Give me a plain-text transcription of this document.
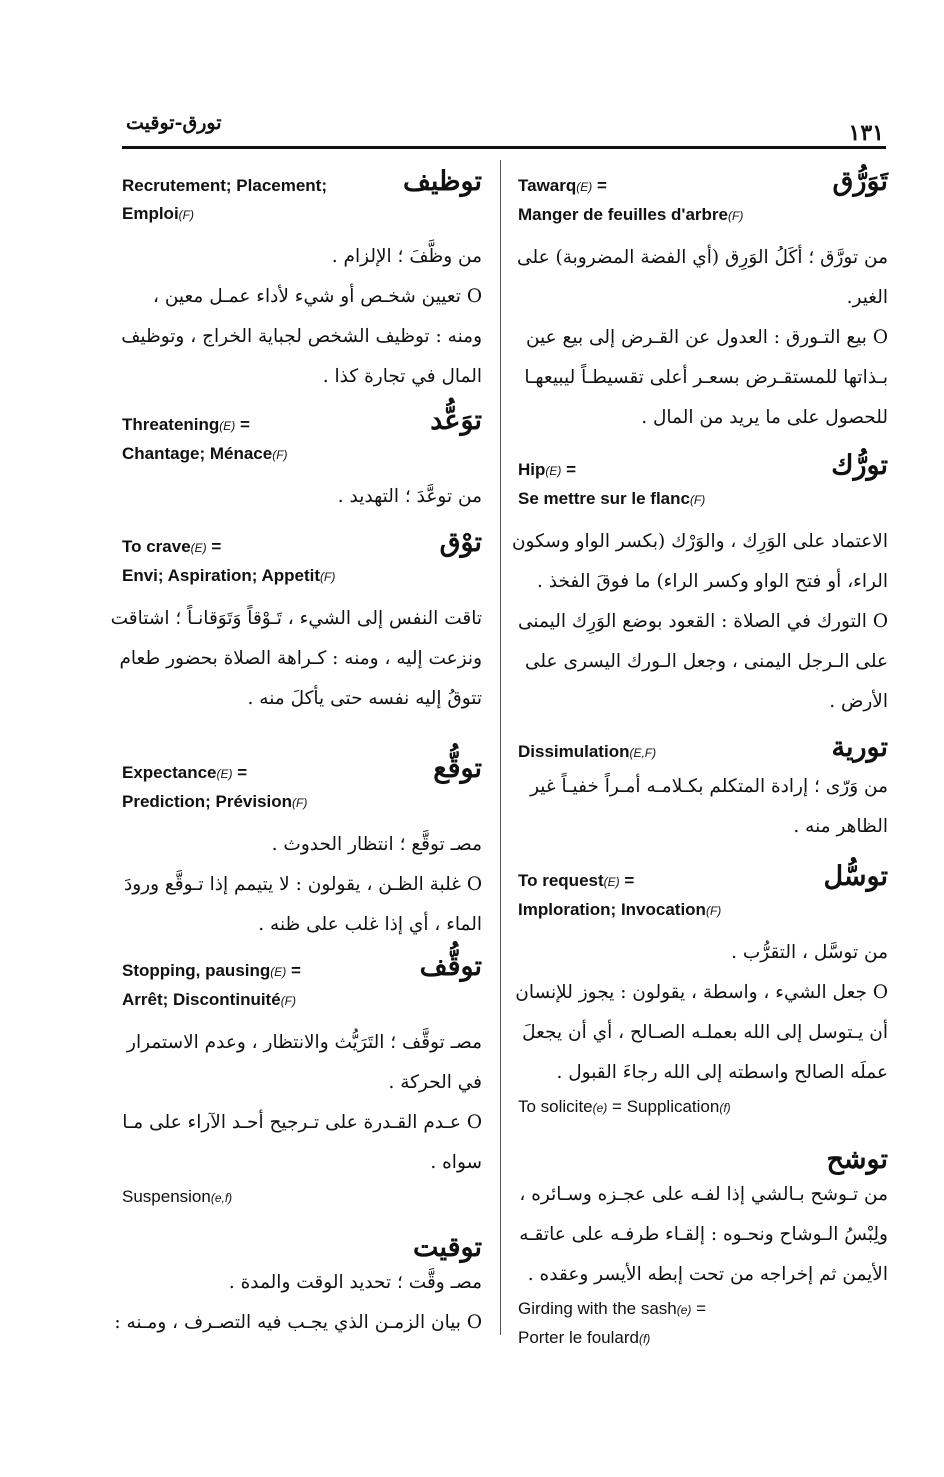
تورق-توقيت	١٣١
تَوَرُّق
Tawarq(E) =
Manger de feuilles d'arbre(F)

من تورَّق ؛ أكَلُ الوَرِق (أي الفضة المضروبة) على

الغير.

O بيع التـورق : العدول عن القـرض إلى بيع عين

بـذاتها للمستقـرض بسعـر أعلى تقسيطـاً ليبيعهـا

للحصول على ما يريد من المال .

تورُّك
Hip(E) =
Se mettre sur le flanc(F)

الاعتماد على الوَرِك ، والوَرْك (بكسر الواو وسكون

الراء، أو فتح الواو وكسر الراء) ما فوقَ الفخذ .

O التورك في الصلاة : القعود بوضع الوَرِك اليمنى

على الـرجل اليمنى ، وجعل الـورك اليسرى على

الأرض .

تورية
Dissimulation(E,F)

من وَرّى ؛ إرادة المتكلم بكـلامـه أمـراً خفيـاً غير

الظاهر منه .

توسُّل
To request(E) =
Imploration; Invocation(F)

من توسَّل ، التقرُّب .

O جعل الشيء ، واسطة ، يقولون : يجوز للإنسان

أن يـتوسل إلى الله بعملـه الصـالح ، أي أن يجعلَ

عملَه الصالح واسطته إلى الله رجاءَ القبول .

To solicite(e) = Supplication(f)
توشح

من تـوشح بـالشي إذا لفـه على عجـزه وسـائره ،

ولِبْسُ الـوشاح ونحـوه : إلقـاء طرفـه على عاتقـه

الأيمن ثم إخراجه من تحت إبطه الأيسر وعقده .

Girding with the sash(e) =
Porter le foulard(f)
توظيف
Recrutement; Placement;
Emploi(F)

من وظَّفَ ؛ الإلزام .

O تعيين شخـص أو شيء لأداء عمـل معين ،

ومنه : توظيف الشخص لجباية الخراج ، وتوظيف

المال في تجارة كذا .

توَعُّد
Threatening(E) =
Chantage; Ménace(F)

من توعَّدَ ؛ التهديد .

توْق
To crave(E) =
Envi; Aspiration; Appetit(F)

تاقت النفس إلى الشيء ، تَـوْقاً وَتَوَقانـاً ؛ اشتاقت

ونزعت إليه ، ومنه : كـراهة الصلاة بحضور طعام

تتوقُ إليه نفسه حتى يأكلَ منه .

توقُّع
Expectance(E) =
Prediction; Prévision(F)

مصـ توقَّع ؛ انتظار الحدوث .

O غلبة الظـن ، يقولون : لا يتيمم إذا تـوقَّع ورودَ

الماء ، أي إذا غلب على ظنه .

توقُّف
Stopping, pausing(E) =
Arrêt; Discontinuité(F)

مصـ توقَّف ؛ التَرَيُّث والانتظار ، وعدم الاستمرار

في الحركة .

O عـدم القـدرة على تـرجيح أحـد الآراء على مـا

سواه .

Suspension(e,f)
توقيت

مصـ وقَّت ؛ تحديد الوقت والمدة .

O بيان الزمـن الذي يجـب فيه التصـرف ، ومـنه :
